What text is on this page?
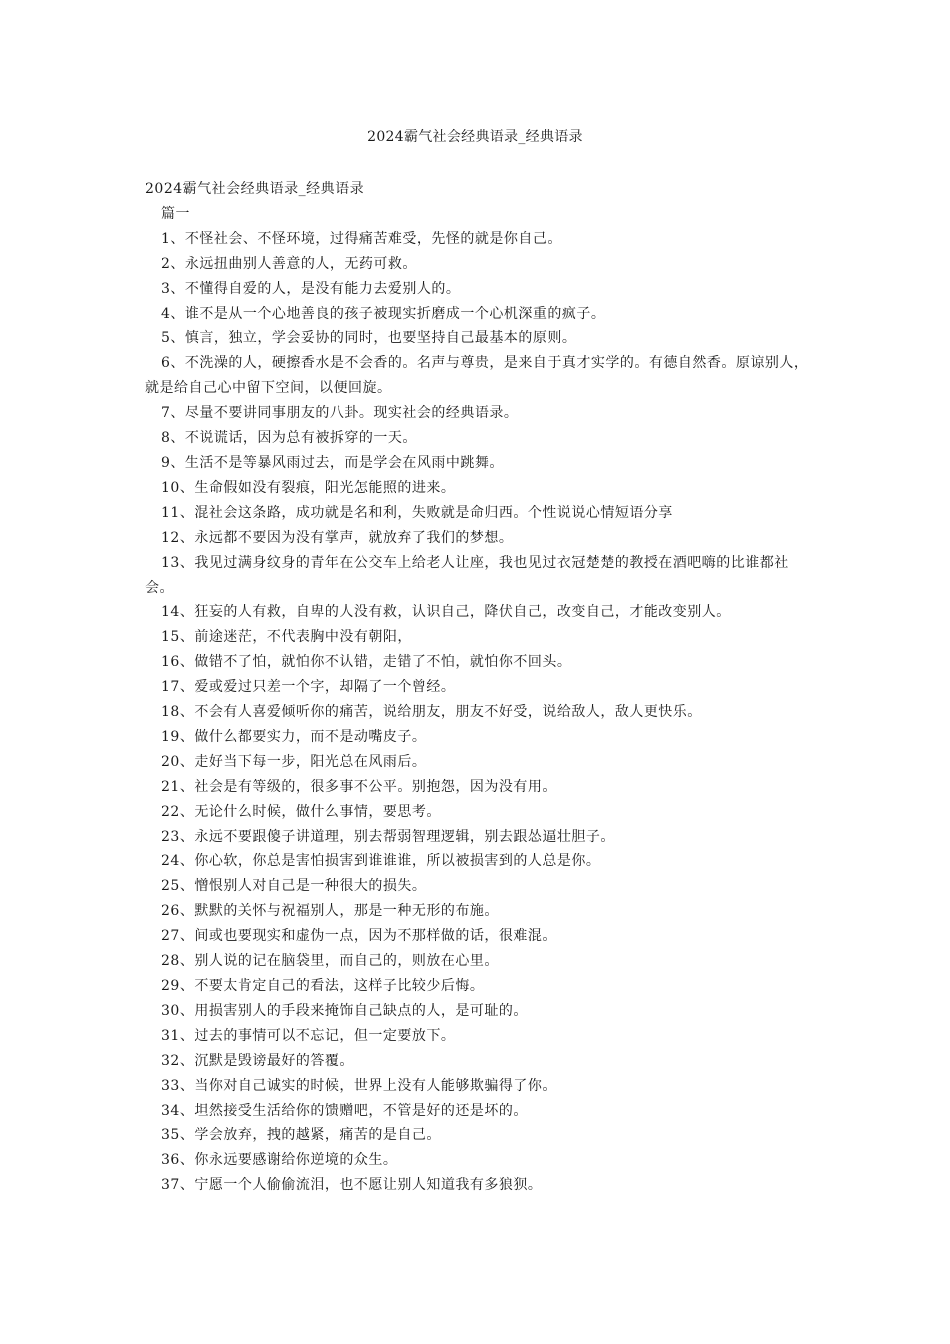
2024霸气社会经典语录_经典语录

2024霸气社会经典语录_经典语录

篇一

1、不怪社会、不怪环境，过得痛苦难受，先怪的就是你自己。

2、永远扭曲别人善意的人，无药可救。

3、不懂得自爱的人，是没有能力去爱别人的。

4、谁不是从一个心地善良的孩子被现实折磨成一个心机深重的疯子。

5、慎言，独立，学会妥协的同时，也要坚持自己最基本的原则。

6、不洗澡的人，硬擦香水是不会香的。名声与尊贵，是来自于真才实学的。有德自然香。原谅别人，就是给自己心中留下空间，以便回旋。

7、尽量不要讲同事朋友的八卦。现实社会的经典语录。

8、不说谎话，因为总有被拆穿的一天。

9、生活不是等暴风雨过去，而是学会在风雨中跳舞。

10、生命假如没有裂痕，阳光怎能照的进来。

11、混社会这条路，成功就是名和利，失败就是命归西。个性说说心情短语分享

12、永远都不要因为没有掌声，就放弃了我们的梦想。

13、我见过满身纹身的青年在公交车上给老人让座，我也见过衣冠楚楚的教授在酒吧嗨的比谁都社会。

14、狂妄的人有救，自卑的人没有救，认识自己，降伏自己，改变自己，才能改变别人。

15、前途迷茫，不代表胸中没有朝阳，

16、做错不了怕，就怕你不认错，走错了不怕，就怕你不回头。

17、爱或爱过只差一个字，却隔了一个曾经。

18、不会有人喜爱倾听你的痛苦，说给朋友，朋友不好受，说给敌人，敌人更快乐。

19、做什么都要实力，而不是动嘴皮子。

20、走好当下每一步，阳光总在风雨后。

21、社会是有等级的，很多事不公平。别抱怨，因为没有用。

22、无论什么时候，做什么事情，要思考。

23、永远不要跟傻子讲道理，别去帮弱智理逻辑，别去跟怂逼壮胆子。

24、你心软，你总是害怕损害到谁谁谁，所以被损害到的人总是你。

25、憎恨别人对自己是一种很大的损失。

26、默默的关怀与祝福别人，那是一种无形的布施。

27、间或也要现实和虚伪一点，因为不那样做的话，很难混。

28、别人说的记在脑袋里，而自己的，则放在心里。

29、不要太肯定自己的看法，这样子比较少后悔。

30、用损害别人的手段来掩饰自己缺点的人，是可耻的。

31、过去的事情可以不忘记，但一定要放下。

32、沉默是毁谤最好的答覆。

33、当你对自己诚实的时候，世界上没有人能够欺骗得了你。

34、坦然接受生活给你的馈赠吧，不管是好的还是坏的。

35、学会放弃，拽的越紧，痛苦的是自己。

36、你永远要感谢给你逆境的众生。

37、宁愿一个人偷偷流泪，也不愿让别人知道我有多狼狈。
